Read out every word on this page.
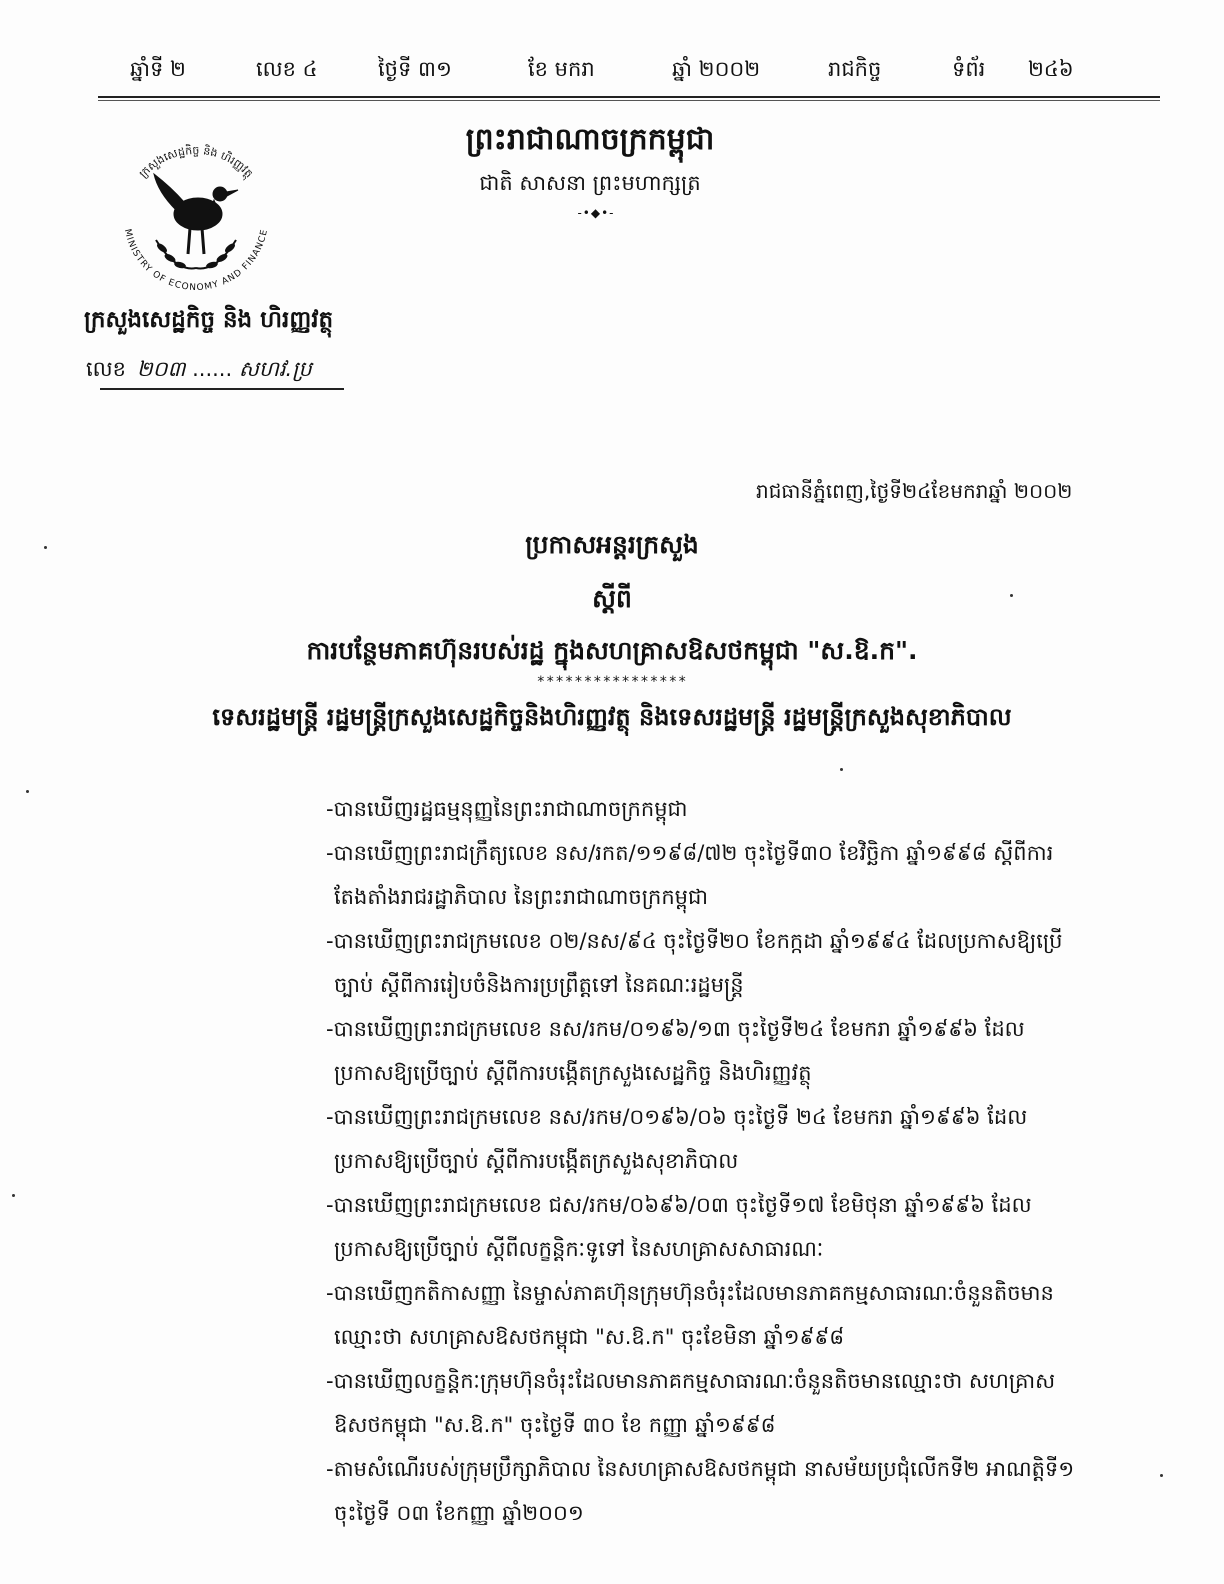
ឆ្នាំទី ២	លេខ ៤	ថ្ងៃទី ៣១	ខែ មករា	ឆ្នាំ ២០០២	រាជកិច្ច	ទំព័រ ២៤៦
ក្រសួងសេដ្ឋកិច្ច និង ហិរញ្ញវត្ថុ
MINISTRY OF ECONOMY AND FINANCE
ព្រះរាជាណាចក្រកម្ពុជា
ជាតិ សាសនា ព្រះមហាក្សត្រ
-•◆•-
ក្រសួងសេដ្ឋកិច្ច និង ហិរញ្ញវត្ថុ
លេខ ២០៣ ...... សហវ.ប្រ
រាជធានីភ្នំពេញ,ថ្ងៃទី២៤ខែមករាឆ្នាំ ២០០២
ប្រកាសអន្តរក្រសួង
ស្តីពី
ការបន្ថែមភាគហ៊ុនរបស់រដ្ឋ ក្នុងសហគ្រាសឱសថកម្ពុជា "ស.ឱ.ក".
****************
ទេសរដ្ឋមន្ត្រី រដ្ឋមន្ត្រីក្រសួងសេដ្ឋកិច្ចនិងហិរញ្ញវត្ថុ និងទេសរដ្ឋមន្ត្រី រដ្ឋមន្ត្រីក្រសួងសុខាភិបាល
-បានឃើញរដ្ឋធម្មនុញ្ញនៃព្រះរាជាណាចក្រកម្ពុជា
-បានឃើញព្រះរាជក្រឹត្យលេខ នស/រកត/១១៩៨/៧២ ចុះថ្ងៃទី៣០ ខែវិច្ឆិកា ឆ្នាំ១៩៩៨ ស្តីពីការ
តែងតាំងរាជរដ្ឋាភិបាល នៃព្រះរាជាណាចក្រកម្ពុជា
-បានឃើញព្រះរាជក្រមលេខ ០២/នស/៩៤ ចុះថ្ងៃទី២០ ខែកក្កដា ឆ្នាំ១៩៩៤ ដែលប្រកាសឱ្យប្រើ
ច្បាប់ ស្តីពីការរៀបចំនិងការប្រព្រឹត្តទៅ នៃគណៈរដ្ឋមន្ត្រី
-បានឃើញព្រះរាជក្រមលេខ នស/រកម/០១៩៦/១៣ ចុះថ្ងៃទី២៤ ខែមករា ឆ្នាំ១៩៩៦ ដែល
ប្រកាសឱ្យប្រើច្បាប់ ស្តីពីការបង្កើតក្រសួងសេដ្ឋកិច្ច និងហិរញ្ញវត្ថុ
-បានឃើញព្រះរាជក្រមលេខ នស/រកម/០១៩៦/០៦ ចុះថ្ងៃទី ២៤ ខែមករា ឆ្នាំ១៩៩៦ ដែល
ប្រកាសឱ្យប្រើច្បាប់ ស្តីពីការបង្កើតក្រសួងសុខាភិបាល
-បានឃើញព្រះរាជក្រមលេខ ជស/រកម/០៦៩៦/០៣ ចុះថ្ងៃទី១៧ ខែមិថុនា ឆ្នាំ១៩៩៦ ដែល
ប្រកាសឱ្យប្រើច្បាប់ ស្តីពីលក្ខន្តិកៈទូទៅ នៃសហគ្រាសសាធារណៈ
-បានឃើញកតិកាសញ្ញា នៃម្ចាស់ភាគហ៊ុនក្រុមហ៊ុនចំរុះដែលមានភាគកម្មសាធារណៈចំនួនតិចមាន
ឈ្មោះថា សហគ្រាសឱសថកម្ពុជា "ស.ឱ.ក" ចុះខែមិនា ឆ្នាំ១៩៩៨
-បានឃើញលក្ខន្តិកៈក្រុមហ៊ុនចំរុះដែលមានភាគកម្មសាធារណៈចំនួនតិចមានឈ្មោះថា សហគ្រាស
ឱសថកម្ពុជា "ស.ឱ.ក" ចុះថ្ងៃទី ៣០ ខែ កញ្ញា ឆ្នាំ១៩៩៨
-តាមសំណើរបស់ក្រុមប្រឹក្សាភិបាល នៃសហគ្រាសឱសថកម្ពុជា នាសម័យប្រជុំលើកទី២ អាណត្តិទី១
ចុះថ្ងៃទី ០៣ ខែកញ្ញា ឆ្នាំ២០០១
